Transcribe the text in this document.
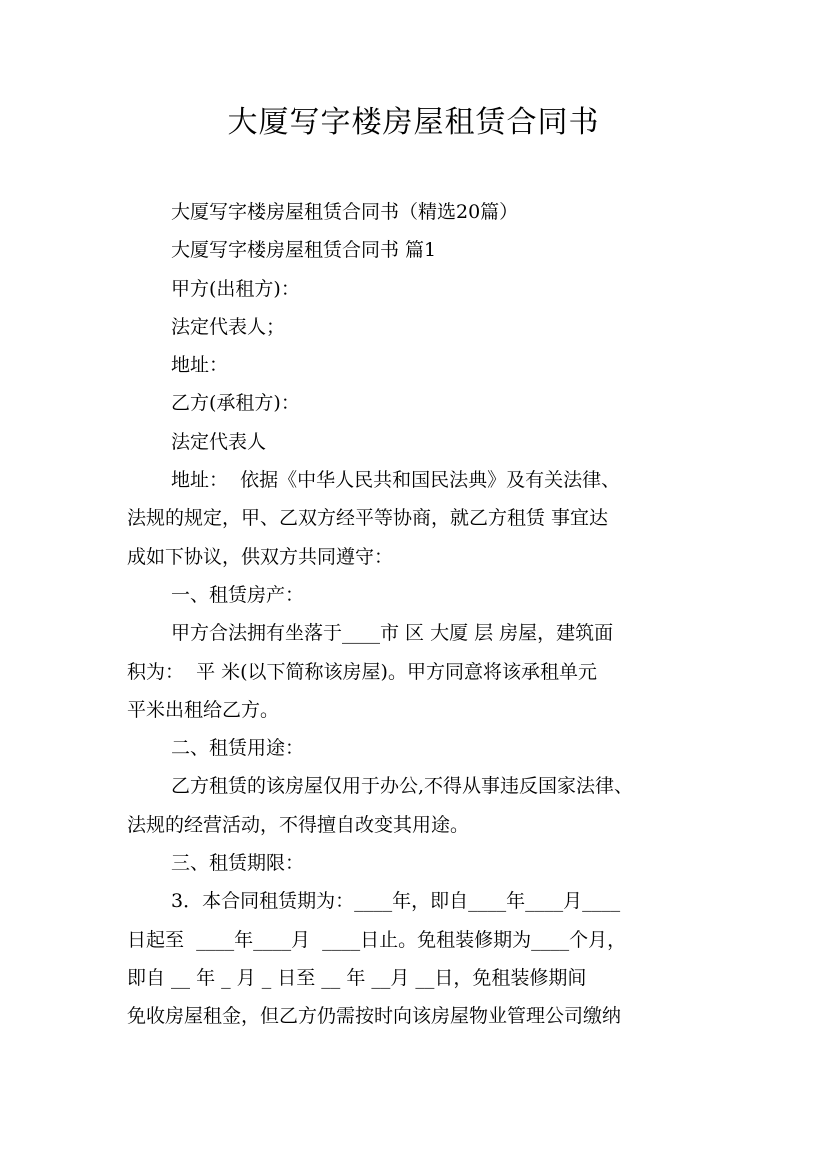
大厦写字楼房屋租赁合同书

大厦写字楼房屋租赁合同书（精选20篇）

大厦写字楼房屋租赁合同书 篇1

甲方(出租方)：

法定代表人；

地址：

乙方(承租方)：

法定代表人

地址：  依据《中华人民共和国民法典》及有关法律、

法规的规定，甲、乙双方经平等协商，就乙方租赁 事宜达

成如下协议，供双方共同遵守：

一、租赁房产：

甲方合法拥有坐落于____市 区 大厦 层 房屋，建筑面

积为：  平 米(以下简称该房屋)。甲方同意将该承租单元

平米出租给乙方。

二、租赁用途：

乙方租赁的该房屋仅用于办公,不得从事违反国家法律、

法规的经营活动，不得擅自改变其用途。

三、租赁期限：

3．本合同租赁期为：____年，即自____年____月____

日起至  ____年____月  ____日止。免租装修期为____个月，

即自 __ 年 _ 月 _ 日至 __ 年 __月 __日，免租装修期间

免收房屋租金，但乙方仍需按时向该房屋物业管理公司缴纳
